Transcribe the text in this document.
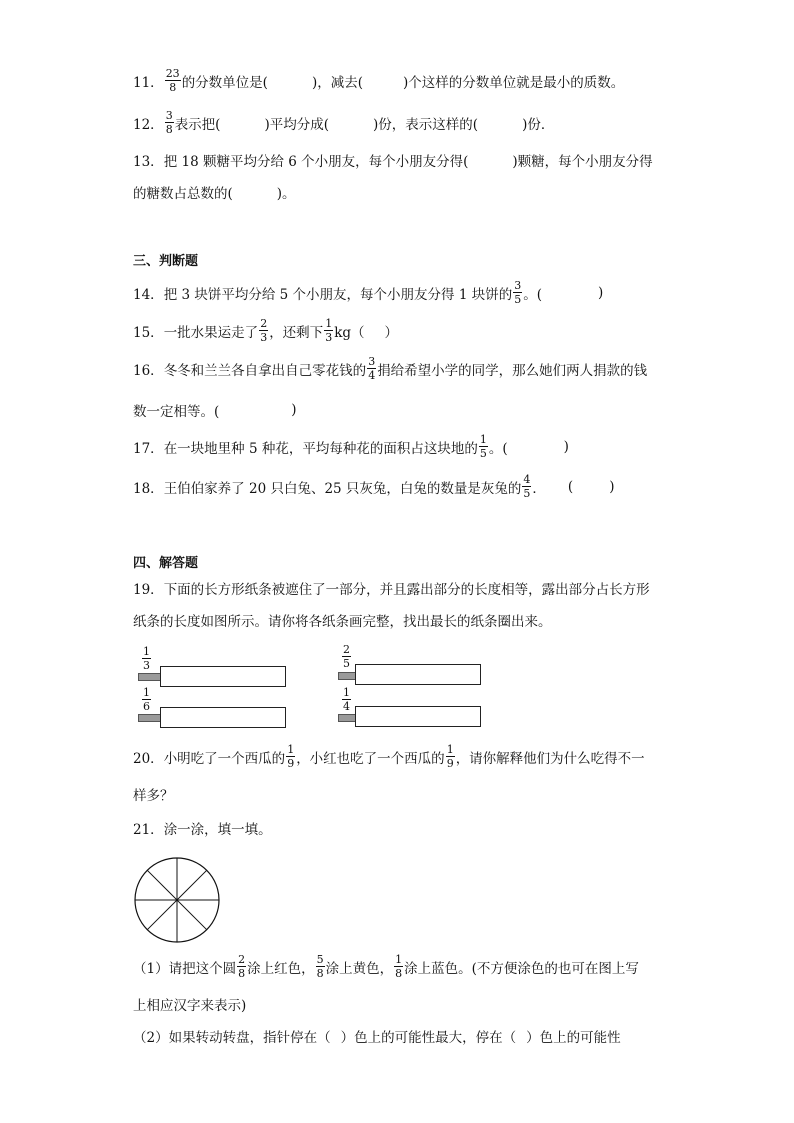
11． $\frac{23}{8}$ 的分数单位是(	)，减去(	)个这样的分数单位就是最小的质数。
12． $\frac{3}{8}$ 表示把(	)平均分成(	)份，表示这样的(	)份．
13． 把 18 颗糖平均分给 6 个小朋友，每个小朋友分得(	)颗糖，每个小朋友分得
的糖数占总数的(	)。
三、判断题
14． 把 3 块饼平均分给 5 个小朋友，每个小朋友分得 1 块饼的 $\frac{3}{5}$ 。(	)
15． 一批水果运走了 $\frac{2}{3}$ ，还剩下 $\frac{1}{3} kg$（ ）
16． 冬冬和兰兰各自拿出自己零花钱的 $\frac{3}{4}$ 捐给希望小学的同学，那么她们两人捐款的钱
数一定相等。(	)
17． 在一块地里种 5 种花，平均每种花的面积占这块地的 $\frac{1}{5}$ 。(	)
18． 王伯伯家养了 20 只白兔、25 只灰兔，白兔的数量是灰兔的 $\frac{4}{5}$ ． (	)
四、解答题
19． 下面的长方形纸条被遮住了一部分，并且露出部分的长度相等，露出部分占长方形
纸条的长度如图所示。请你将各纸条画完整，找出最长的纸条圈出来。
1
3
1
6
2
5
1
4
20． 小明吃了一个西瓜的 $\frac{1}{9}$ ，小红也吃了一个西瓜的 $\frac{1}{9}$ ，请你解释他们为什么吃得不一
样多？
21． 涂一涂，填一填。
（1）请把这个圆 $\frac{2}{8}$ 涂上红色， $\frac{5}{8}$ 涂上黄色， $\frac{1}{8}$ 涂上蓝色。(不方便涂色的也可在图上写
上相应汉字来表示)
（2）如果转动转盘，指针停在（ ）色上的可能性最大，停在（ ）色上的可能性
